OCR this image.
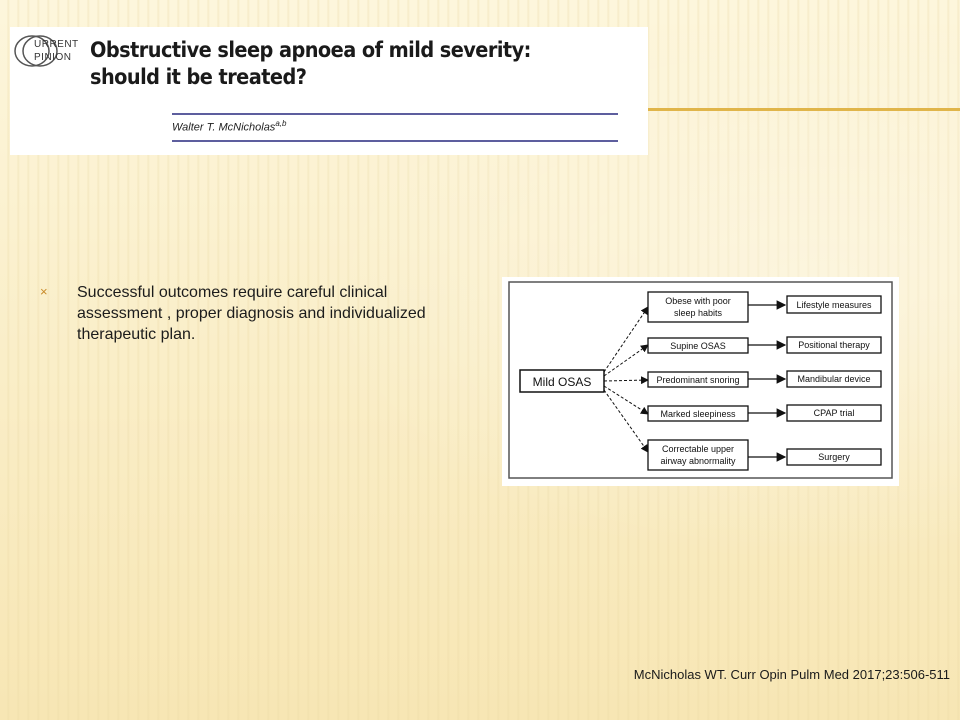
URRENT
PINION Obstructive sleep apnoea of mild severity:
should it be treated?
Walter T. McNicholas$^{a,b}$
× Successful outcomes require careful clinical assessment , proper diagnosis and individualized therapeutic plan.
Mild OSAS
Obese with poor
sleep habits
Supine OSAS
Predominant snoring
Marked sleepiness
Correctable upper
airway abnormality
Lifestyle measures
Positional therapy
Mandibular device
CPAP trial
Surgery
McNicholas WT. Curr Opin Pulm Med 2017;23:506-511
